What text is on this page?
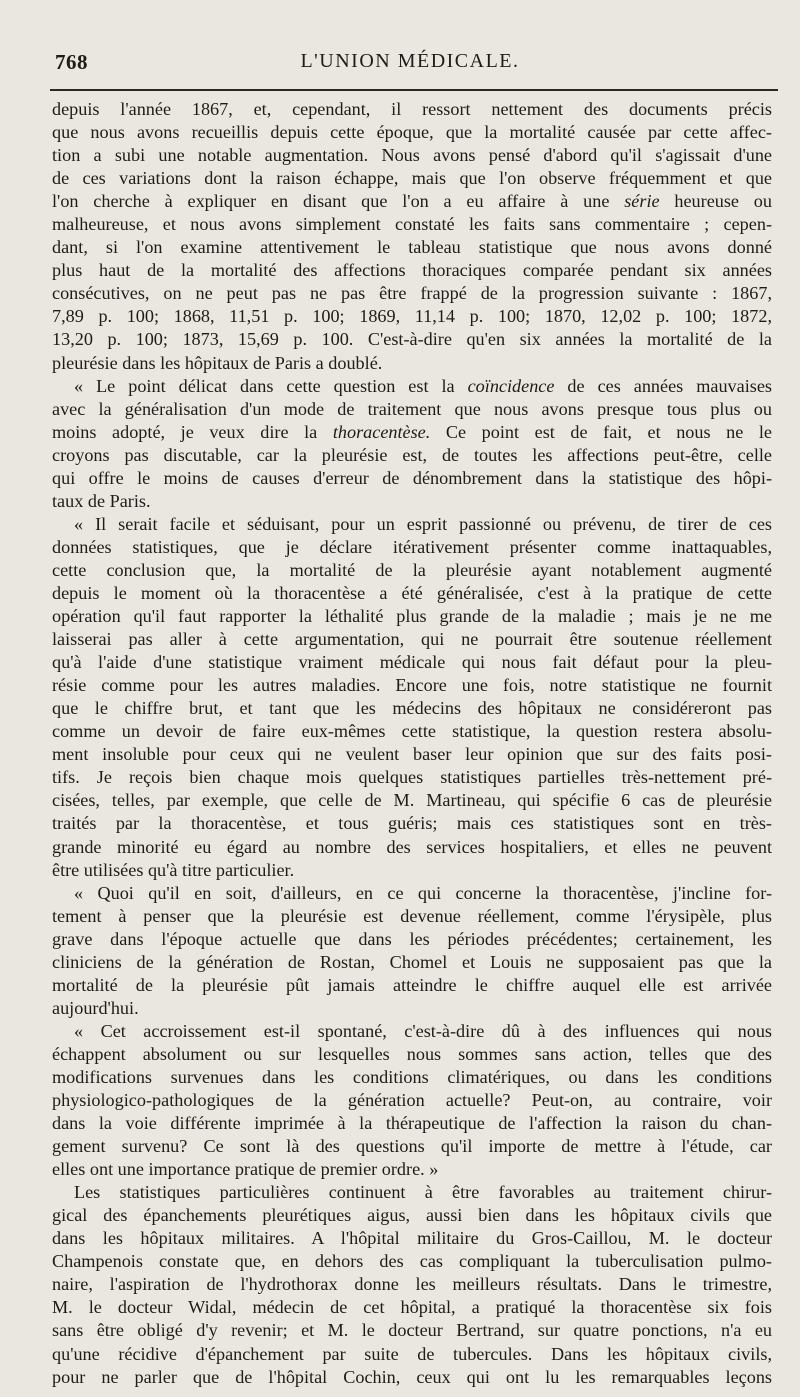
768	L'UNION MÉDICALE.
depuis l'année 1867, et, cependant, il ressort nettement des documents précis
que nous avons recueillis depuis cette époque, que la mortalité causée par cette affec-
tion a subi une notable augmentation. Nous avons pensé d'abord qu'il s'agissait d'une
de ces variations dont la raison échappe, mais que l'on observe fréquemment et que
l'on cherche à expliquer en disant que l'on a eu affaire à une série heureuse ou
malheureuse, et nous avons simplement constaté les faits sans commentaire ; cepen-
dant, si l'on examine attentivement le tableau statistique que nous avons donné
plus haut de la mortalité des affections thoraciques comparée pendant six années
consécutives, on ne peut pas ne pas être frappé de la progression suivante : 1867,
7,89 p. 100; 1868, 11,51 p. 100; 1869, 11,14 p. 100; 1870, 12,02 p. 100; 1872,
13,20 p. 100; 1873, 15,69 p. 100. C'est-à-dire qu'en six années la mortalité de la
pleurésie dans les hôpitaux de Paris a doublé.
« Le point délicat dans cette question est la coïncidence de ces années mauvaises
avec la généralisation d'un mode de traitement que nous avons presque tous plus ou
moins adopté, je veux dire la thoracentèse. Ce point est de fait, et nous ne le
croyons pas discutable, car la pleurésie est, de toutes les affections peut-être, celle
qui offre le moins de causes d'erreur de dénombrement dans la statistique des hôpi-
taux de Paris.
« Il serait facile et séduisant, pour un esprit passionné ou prévenu, de tirer de ces
données statistiques, que je déclare itérativement présenter comme inattaquables,
cette conclusion que, la mortalité de la pleurésie ayant notablement augmenté
depuis le moment où la thoracentèse a été généralisée, c'est à la pratique de cette
opération qu'il faut rapporter la léthalité plus grande de la maladie ; mais je ne me
laisserai pas aller à cette argumentation, qui ne pourrait être soutenue réellement
qu'à l'aide d'une statistique vraiment médicale qui nous fait défaut pour la pleu-
résie comme pour les autres maladies. Encore une fois, notre statistique ne fournit
que le chiffre brut, et tant que les médecins des hôpitaux ne considéreront pas
comme un devoir de faire eux-mêmes cette statistique, la question restera absolu-
ment insoluble pour ceux qui ne veulent baser leur opinion que sur des faits posi-
tifs. Je reçois bien chaque mois quelques statistiques partielles très-nettement pré-
cisées, telles, par exemple, que celle de M. Martineau, qui spécifie 6 cas de pleurésie
traités par la thoracentèse, et tous guéris; mais ces statistiques sont en très-
grande minorité eu égard au nombre des services hospitaliers, et elles ne peuvent
être utilisées qu'à titre particulier.
« Quoi qu'il en soit, d'ailleurs, en ce qui concerne la thoracentèse, j'incline for-
tement à penser que la pleurésie est devenue réellement, comme l'érysipèle, plus
grave dans l'époque actuelle que dans les périodes précédentes; certainement, les
cliniciens de la génération de Rostan, Chomel et Louis ne supposaient pas que la
mortalité de la pleurésie pût jamais atteindre le chiffre auquel elle est arrivée
aujourd'hui.
« Cet accroissement est-il spontané, c'est-à-dire dû à des influences qui nous
échappent absolument ou sur lesquelles nous sommes sans action, telles que des
modifications survenues dans les conditions climatériques, ou dans les conditions
physiologico-pathologiques de la génération actuelle? Peut-on, au contraire, voir
dans la voie différente imprimée à la thérapeutique de l'affection la raison du chan-
gement survenu? Ce sont là des questions qu'il importe de mettre à l'étude, car
elles ont une importance pratique de premier ordre. »
Les statistiques particulières continuent à être favorables au traitement chirur-
gical des épanchements pleurétiques aigus, aussi bien dans les hôpitaux civils que
dans les hôpitaux militaires. A l'hôpital militaire du Gros-Caillou, M. le docteur
Champenois constate que, en dehors des cas compliquant la tuberculisation pulmo-
naire, l'aspiration de l'hydrothorax donne les meilleurs résultats. Dans le trimestre,
M. le docteur Widal, médecin de cet hôpital, a pratiqué la thoracentèse six fois
sans être obligé d'y revenir; et M. le docteur Bertrand, sur quatre ponctions, n'a eu
qu'une récidive d'épanchement par suite de tubercules. Dans les hôpitaux civils,
pour ne parler que de l'hôpital Cochin, ceux qui ont lu les remarquables leçons
